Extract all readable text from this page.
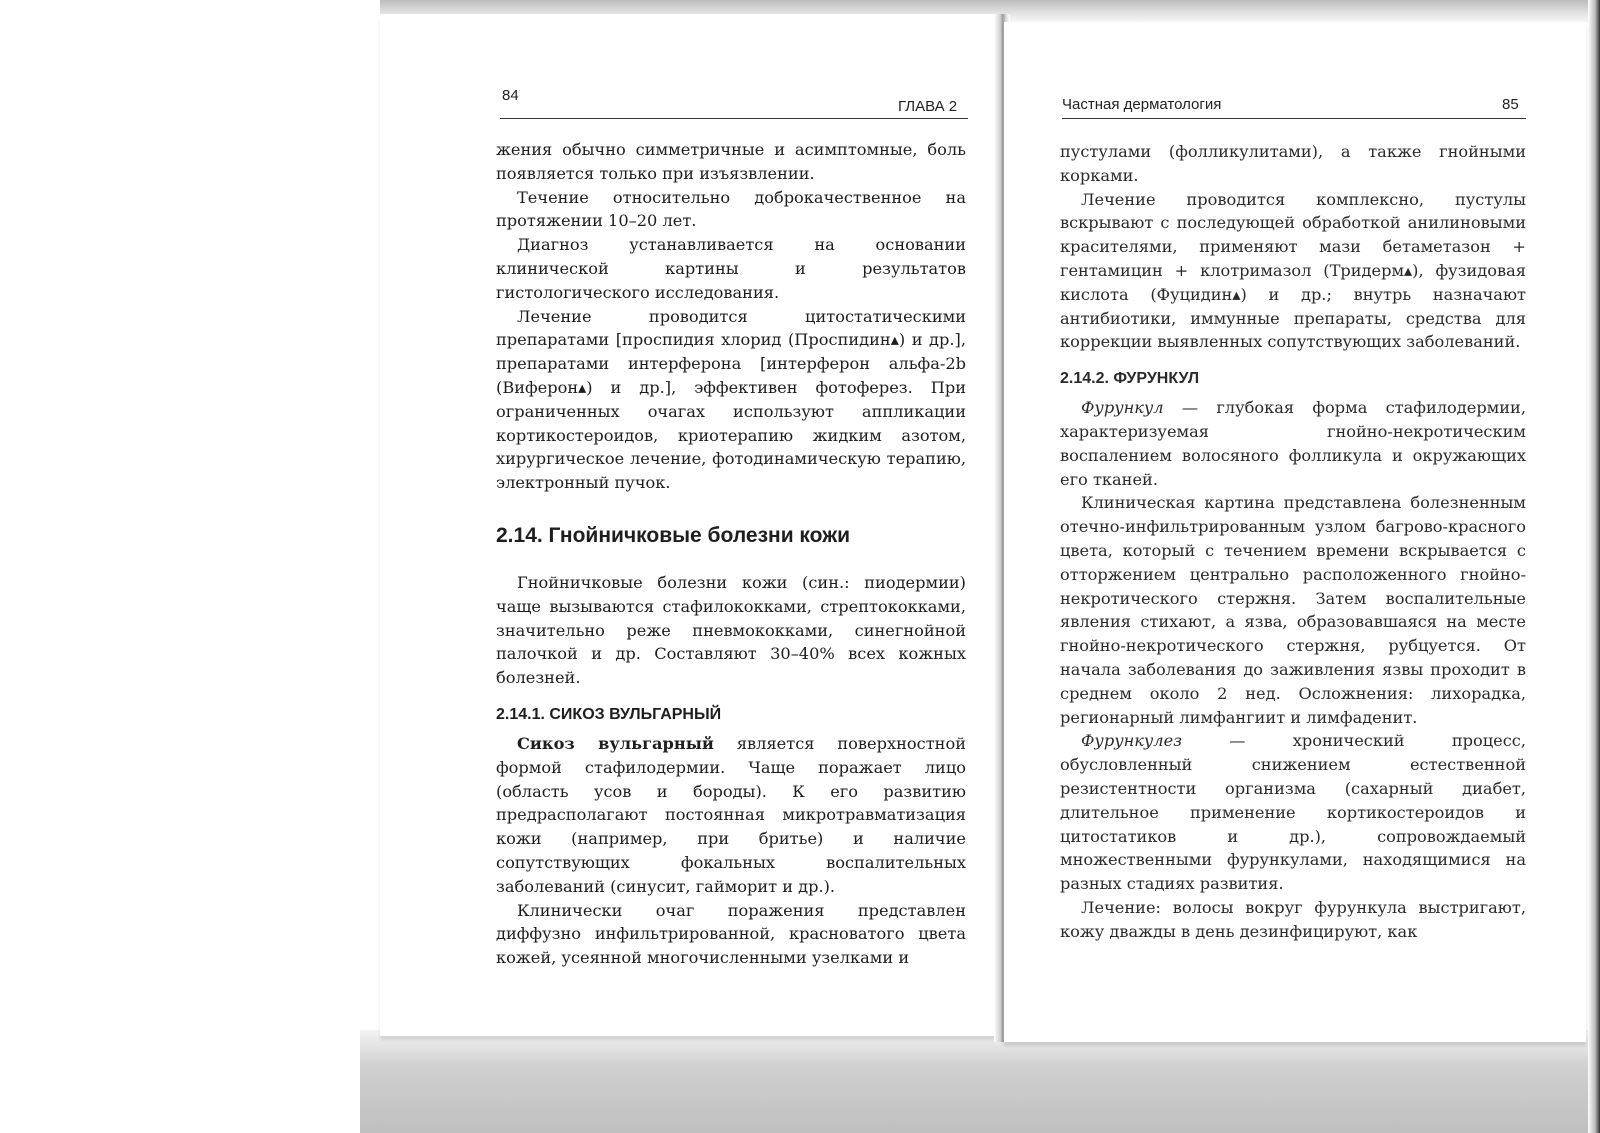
84
ГЛАВА 2

жения обычно симметричные и асимптомные, боль появляется только при изъязвлении.

Течение относительно доброкачественное на протяжении 10–20 лет.

Диагноз устанавливается на основании клинической картины и результатов гистологического исследования.

Лечение проводится цитостатическими препаратами [проспидия хлорид (Проспидин▴) и др.], препаратами интерферона [интерферон альфа-2b (Виферон▴) и др.], эффективен фотоферез. При ограниченных очагах используют аппликации кортикостероидов, криотерапию жидким азотом, хирургическое лечение, фотодинамическую терапию, электронный пучок.

2.14. Гнойничковые болезни кожи

Гнойничковые болезни кожи (син.: пиодермии) чаще вызываются стафилококками, стрептококками, значительно реже пневмококками, синегнойной палочкой и др. Составляют 30–40% всех кожных болезней.

2.14.1. СИКОЗ ВУЛЬГАРНЫЙ

Сикоз вульгарный является поверхностной формой стафилодермии. Чаще поражает лицо (область усов и бороды). К его развитию предрасполагают постоянная микротравматизация кожи (например, при бритье) и наличие сопутствующих фокальных воспалительных заболеваний (синусит, гайморит и др.).

Клинически очаг поражения представлен диффузно инфильтрированной, красноватого цвета кожей, усеянной многочисленными узелками и

Частная дерматология	85

пустулами (фолликулитами), а также гнойными корками.

Лечение проводится комплексно, пустулы вскрывают с последующей обработкой анилиновыми красителями, применяют мази бетаметазон + гентамицин + клотримазол (Тридерм▴), фузидовая кислота (Фуцидин▴) и др.; внутрь назначают антибиотики, иммунные препараты, средства для коррекции выявленных сопутствующих заболеваний.

2.14.2. ФУРУНКУЛ

Фурункул — глубокая форма стафилодермии, характеризуемая гнойно-некротическим воспалением волосяного фолликула и окружающих его тканей.

Клиническая картина представлена болезненным отечно-инфильтрированным узлом багрово-красного цвета, который с течением времени вскрывается с отторжением центрально расположенного гнойно-некротического стержня. Затем воспалительные явления стихают, а язва, образовавшаяся на месте гнойно-некротического стержня, рубцуется. От начала заболевания до заживления язвы проходит в среднем около 2 нед. Осложнения: лихорадка, регионарный лимфангиит и лимфаденит.

Фурункулез — хронический процесс, обусловленный снижением естественной резистентности организма (сахарный диабет, длительное применение кортикостероидов и цитостатиков и др.), сопровождаемый множественными фурункулами, находящимися на разных стадиях развития.

Лечение: волосы вокруг фурункула выстригают, кожу дважды в день дезинфицируют, как
